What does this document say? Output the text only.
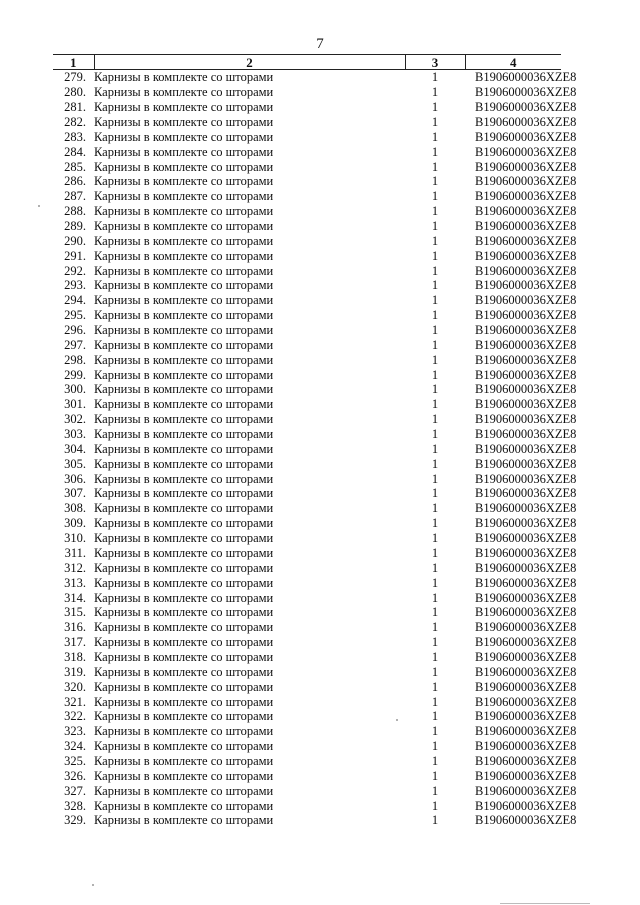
7
1	2	3	4
279.	Карнизы в комплекте со шторами	1	B1906000036XZE8
280.	Карнизы в комплекте со шторами	1	B1906000036XZE8
281.	Карнизы в комплекте со шторами	1	B1906000036XZE8
282.	Карнизы в комплекте со шторами	1	B1906000036XZE8
283.	Карнизы в комплекте со шторами	1	B1906000036XZE8
284.	Карнизы в комплекте со шторами	1	B1906000036XZE8
285.	Карнизы в комплекте со шторами	1	B1906000036XZE8
286.	Карнизы в комплекте со шторами	1	B1906000036XZE8
287.	Карнизы в комплекте со шторами	1	B1906000036XZE8
288.	Карнизы в комплекте со шторами	1	B1906000036XZE8
289.	Карнизы в комплекте со шторами	1	B1906000036XZE8
290.	Карнизы в комплекте со шторами	1	B1906000036XZE8
291.	Карнизы в комплекте со шторами	1	B1906000036XZE8
292.	Карнизы в комплекте со шторами	1	B1906000036XZE8
293.	Карнизы в комплекте со шторами	1	B1906000036XZE8
294.	Карнизы в комплекте со шторами	1	B1906000036XZE8
295.	Карнизы в комплекте со шторами	1	B1906000036XZE8
296.	Карнизы в комплекте со шторами	1	B1906000036XZE8
297.	Карнизы в комплекте со шторами	1	B1906000036XZE8
298.	Карнизы в комплекте со шторами	1	B1906000036XZE8
299.	Карнизы в комплекте со шторами	1	B1906000036XZE8
300.	Карнизы в комплекте со шторами	1	B1906000036XZE8
301.	Карнизы в комплекте со шторами	1	B1906000036XZE8
302.	Карнизы в комплекте со шторами	1	B1906000036XZE8
303.	Карнизы в комплекте со шторами	1	B1906000036XZE8
304.	Карнизы в комплекте со шторами	1	B1906000036XZE8
305.	Карнизы в комплекте со шторами	1	B1906000036XZE8
306.	Карнизы в комплекте со шторами	1	B1906000036XZE8
307.	Карнизы в комплекте со шторами	1	B1906000036XZE8
308.	Карнизы в комплекте со шторами	1	B1906000036XZE8
309.	Карнизы в комплекте со шторами	1	B1906000036XZE8
310.	Карнизы в комплекте со шторами	1	B1906000036XZE8
311.	Карнизы в комплекте со шторами	1	B1906000036XZE8
312.	Карнизы в комплекте со шторами	1	B1906000036XZE8
313.	Карнизы в комплекте со шторами	1	B1906000036XZE8
314.	Карнизы в комплекте со шторами	1	B1906000036XZE8
315.	Карнизы в комплекте со шторами	1	B1906000036XZE8
316.	Карнизы в комплекте со шторами	1	B1906000036XZE8
317.	Карнизы в комплекте со шторами	1	B1906000036XZE8
318.	Карнизы в комплекте со шторами	1	B1906000036XZE8
319.	Карнизы в комплекте со шторами	1	B1906000036XZE8
320.	Карнизы в комплекте со шторами	1	B1906000036XZE8
321.	Карнизы в комплекте со шторами	1	B1906000036XZE8
322.	Карнизы в комплекте со шторами	1	B1906000036XZE8
323.	Карнизы в комплекте со шторами	1	B1906000036XZE8
324.	Карнизы в комплекте со шторами	1	B1906000036XZE8
325.	Карнизы в комплекте со шторами	1	B1906000036XZE8
326.	Карнизы в комплекте со шторами	1	B1906000036XZE8
327.	Карнизы в комплекте со шторами	1	B1906000036XZE8
328.	Карнизы в комплекте со шторами	1	B1906000036XZE8
329.	Карнизы в комплекте со шторами	1	B1906000036XZE8
